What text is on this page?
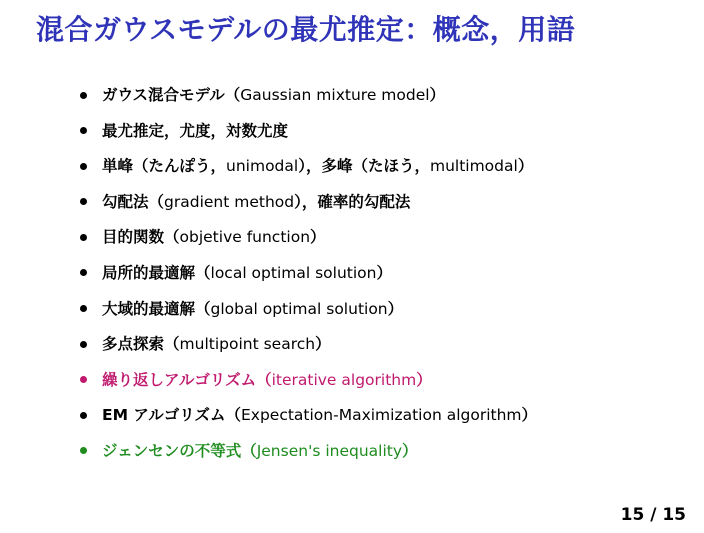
混合ガウスモデルの最尤推定：概念，用語
ガウス混合モデル（Gaussian mixture model）
最尤推定，尤度，対数尤度
単峰（たんぽう，unimodal），多峰（たほう，multimodal）
勾配法（gradient method），確率的勾配法
目的関数（objetive function）
局所的最適解（local optimal solution）
大域的最適解（global optimal solution）
多点探索（multipoint search）
繰り返しアルゴリズム（iterative algorithm）
EM アルゴリズム（Expectation-Maximization algorithm）
ジェンセンの不等式（Jensen's inequality）
15 / 15
